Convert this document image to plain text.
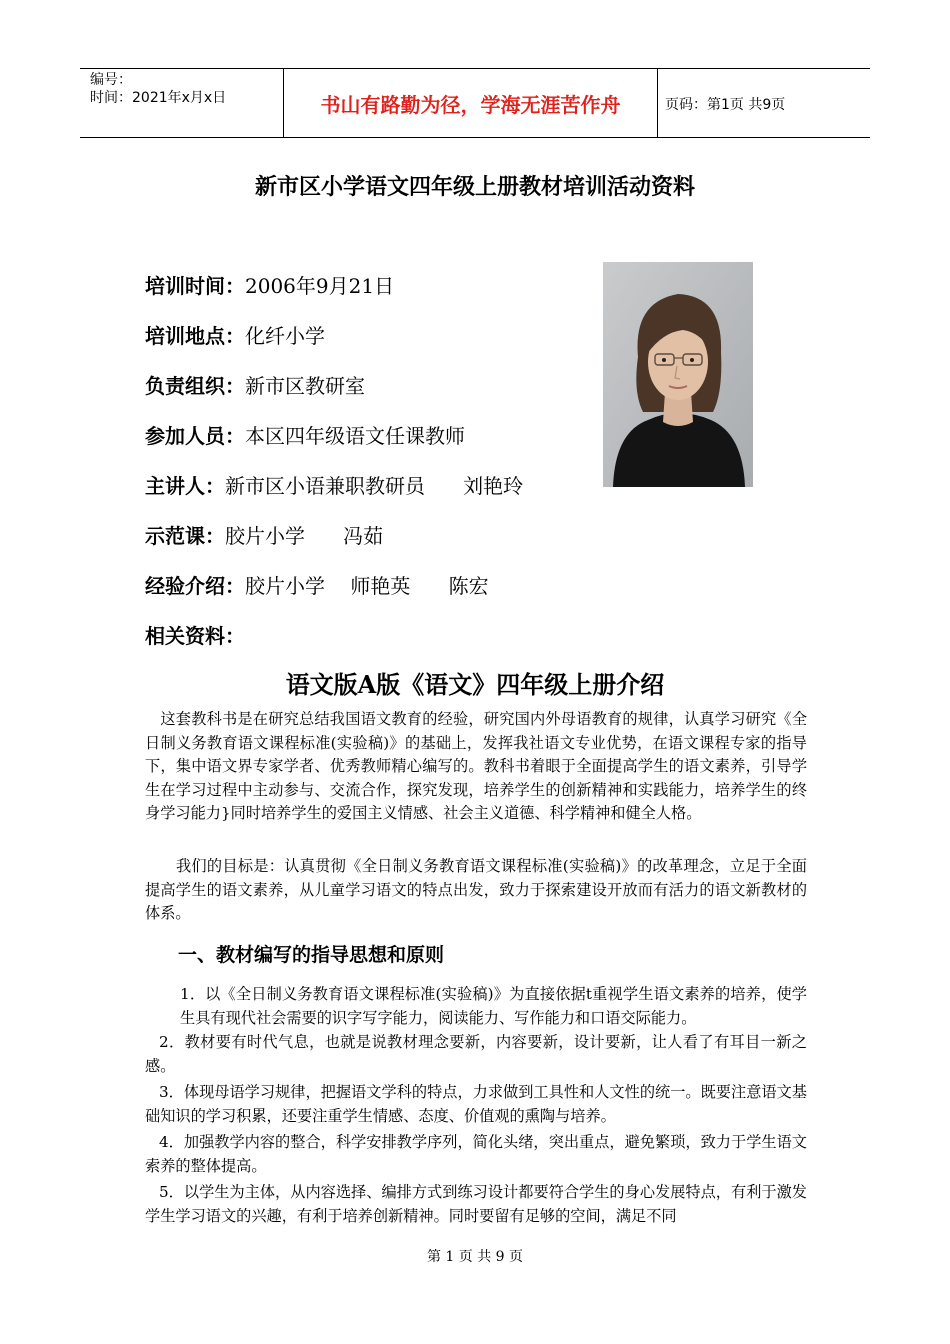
编号：
时间：2021年x月x日	书山有路勤为径，学海无涯苦作舟	页码：第1页 共9页
新市区小学语文四年级上册教材培训活动资料
培训时间：2006年9月21日
培训地点：化纤小学
负责组织：新市区教研室
参加人员：本区四年级语文任课教师
主讲人：新市区小语兼职教研员      刘艳玲
示范课：胶片小学      冯茹
经验介绍：胶片小学    师艳英      陈宏
相关资料：
语文版A版《语文》四年级上册介绍
　这套教科书是在研究总结我国语文教育的经验，研究国内外母语教育的规律，认真学习研究《全日制义务教育语文课程标准(实验稿)》的基础上，发挥我社语文专业优势，在语文课程专家的指导下，集中语文界专家学者、优秀教师精心编写的。教科书着眼于全面提高学生的语文素养，引导学生在学习过程中主动参与、交流合作，探究发现，培养学生的创新精神和实践能力，培养学生的终身学习能力}同时培养学生的爱国主义情感、社会主义道德、科学精神和健全人格。
　　我们的目标是：认真贯彻《全日制义务教育语文课程标准(实验稿)》的改革理念，立足于全面提高学生的语文素养，从儿童学习语文的特点出发，致力于探索建设开放而有活力的语文新教材的体系。
一、教材编写的指导思想和原则
1．以《全日制义务教育语文课程标准(实验稿)》为直接依据t重视学生语文素养的培养，使学生具有现代社会需要的识字写字能力，阅读能力、写作能力和口语交际能力。
2．教材要有时代气息，也就是说教材理念要新，内容要新，设计要新，让人看了有耳目一新之感。
3．体现母语学习规律，把握语文学科的特点，力求做到工具性和人文性的统一。既要注意语文基础知识的学习积累，还要注重学生情感、态度、价值观的熏陶与培养。
4．加强教学内容的整合，科学安排教学序列，简化头绪，突出重点，避免繁琐，致力于学生语文索养的整体提高。
5．以学生为主体，从内容选择、编排方式到练习设计都要符合学生的身心发展特点，有利于激发学生学习语文的兴趣，有利于培养创新精神。同时要留有足够的空间，满足不同
第 1 页 共 9 页
